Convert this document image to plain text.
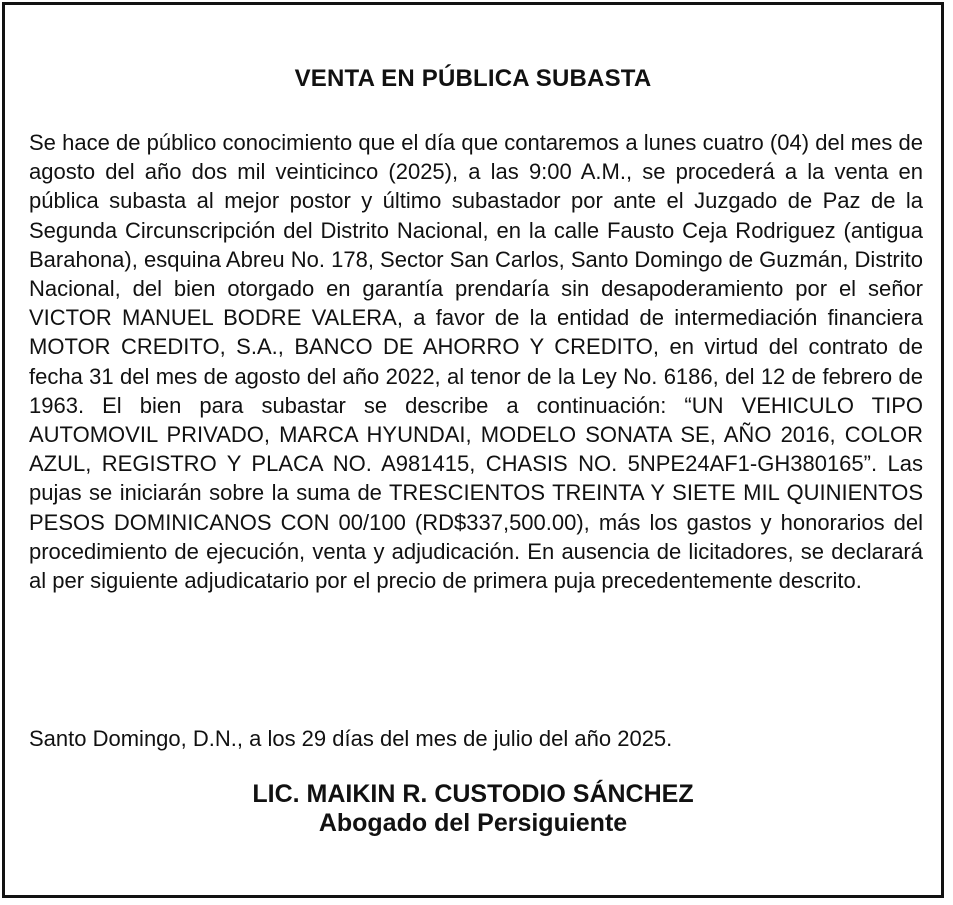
VENTA EN PÚBLICA SUBASTA

Se hace de público conocimiento que el día que contaremos a lunes cuatro (04) del mes de agosto del año dos mil veinticinco (2025), a las 9:00 A.M., se procederá a la venta en pública subasta al mejor postor y último subastador por ante el Juzgado de Paz de la Segunda Circunscripción del Distrito Nacional, en la calle Fausto Ceja Rodriguez (antigua Barahona), esquina Abreu No. 178, Sector San Carlos, Santo Domingo de Guzmán, Distrito Nacional, del bien otorgado en garantía prendaría sin desapoderamiento por el señor VICTOR MANUEL BODRE VALERA, a favor de la entidad de intermediación financiera MOTOR CREDITO, S.A., BANCO DE AHORRO Y CREDITO, en virtud del contrato de fecha 31 del mes de agosto del año 2022, al tenor de la Ley No. 6186, del 12 de febrero de 1963. El bien para subastar se describe a continuación: “UN VEHICULO TIPO AUTOMOVIL PRIVADO, MARCA HYUNDAI, MODELO SONATA SE, AÑO 2016, COLOR AZUL, REGISTRO Y PLACA NO. A981415, CHASIS NO. 5NPE24AF1-GH380165”. Las pujas se iniciarán sobre la suma de TRESCIENTOS TREINTA Y SIETE MIL QUINIENTOS PESOS DOMINICANOS CON 00/100 (RD$337,500.00), más los gastos y honorarios del procedimiento de ejecución, venta y adjudicación. En ausencia de licitadores, se declarará al per siguiente adjudicatario por el precio de primera puja precedentemente descrito.

Santo Domingo, D.N., a los 29 días del mes de julio del año 2025.

LIC. MAIKIN R. CUSTODIO SÁNCHEZ
Abogado del Persiguiente
